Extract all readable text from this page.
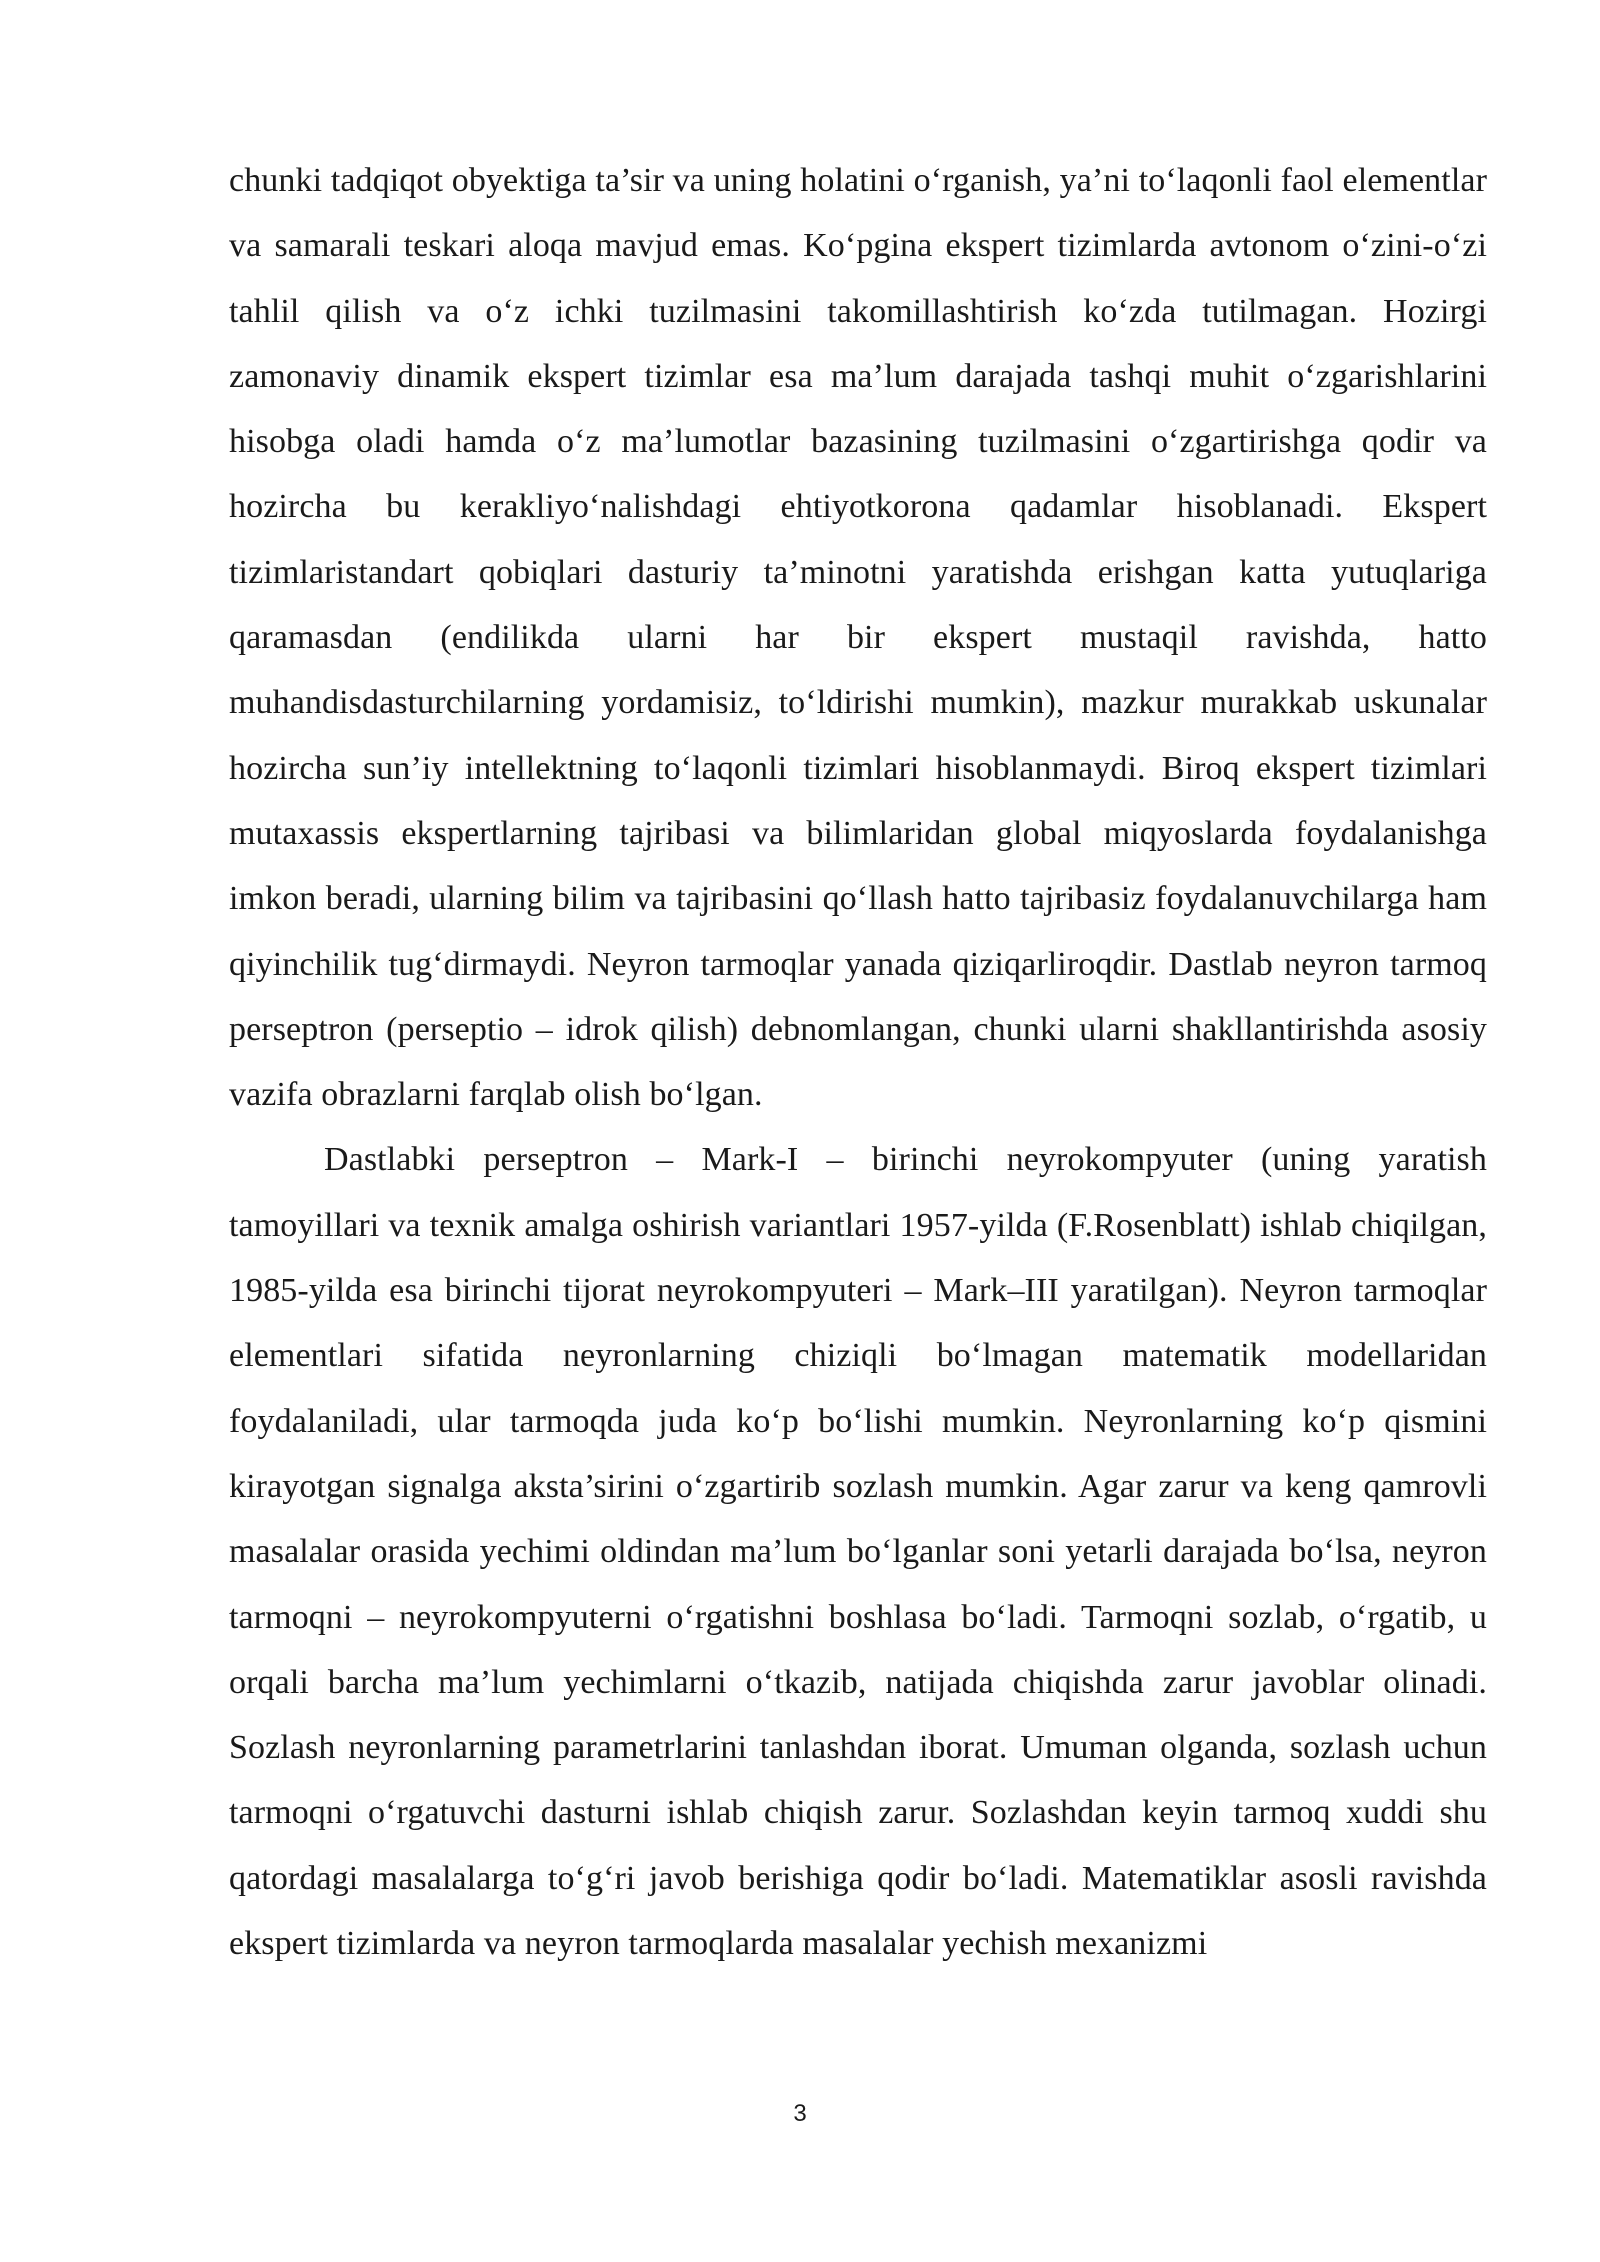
chunki tadqiqot obyektiga ta’sir va uning holatini o‘rganish, ya’ni to‘laqonli faol elementlar va samarali teskari aloqa mavjud emas. Ko‘pgina ekspert tizimlarda avtonom o‘zini-o‘zi tahlil qilish va o‘z ichki tuzilmasini takomillashtirish ko‘zda tutilmagan. Hozirgi zamonaviy dinamik ekspert tizimlar esa ma’lum darajada tashqi muhit o‘zgarishlarini hisobga oladi hamda o‘z ma’lumotlar bazasining tuzilmasini o‘zgartirishga qodir va hozircha bu kerakliyo‘nalishdagi ehtiyotkorona qadamlar hisoblanadi. Ekspert tizimlaristandart qobiqlari dasturiy ta’minotni yaratishda erishgan katta yutuqlariga qaramasdan (endilikda ularni har bir ekspert mustaqil ravishda, hatto muhandisdasturchilarning yordamisiz, to‘ldirishi mumkin), mazkur murakkab uskunalar hozircha sun’iy intellektning to‘laqonli tizimlari hisoblanmaydi. Biroq ekspert tizimlari mutaxassis ekspertlarning tajribasi va bilimlaridan global miqyoslarda foydalanishga imkon beradi, ularning bilim va tajribasini qo‘llash hatto tajribasiz foydalanuvchilarga ham qiyinchilik tug‘dirmaydi. Neyron tarmoqlar yanada qiziqarliroqdir. Dastlab neyron tarmoq perseptron (perseptio – idrok qilish) debnomlangan, chunki ularni shakllantirishda asosiy vazifa obrazlarni farqlab olish bo‘lgan.

Dastlabki perseptron – Mark-I – birinchi neyrokompyuter (uning yaratish tamoyillari va texnik amalga oshirish variantlari 1957-yilda (F.Rosenblatt) ishlab chiqilgan, 1985-yilda esa birinchi tijorat neyrokompyuteri – Mark–III yaratilgan). Neyron tarmoqlar elementlari sifatida neyronlarning chiziqli bo‘lmagan matematik modellaridan foydalaniladi, ular tarmoqda juda ko‘p bo‘lishi mumkin. Neyronlarning ko‘p qismini kirayotgan signalga aksta’sirini o‘zgartirib sozlash mumkin. Agar zarur va keng qamrovli masalalar orasida yechimi oldindan ma’lum bo‘lganlar soni yetarli darajada bo‘lsa, neyron tarmoqni – neyrokompyuterni o‘rgatishni boshlasa bo‘ladi. Tarmoqni sozlab, o‘rgatib, u orqali barcha ma’lum yechimlarni o‘tkazib, natijada chiqishda zarur javoblar olinadi. Sozlash neyronlarning parametrlarini tanlashdan iborat. Umuman olganda, sozlash uchun tarmoqni o‘rgatuvchi dasturni ishlab chiqish zarur. Sozlashdan keyin tarmoq xuddi shu qatordagi masalalarga to‘g‘ri javob berishiga qodir bo‘ladi. Matematiklar asosli ravishda ekspert tizimlarda va neyron tarmoqlarda masalalar yechish mexanizmi

3
